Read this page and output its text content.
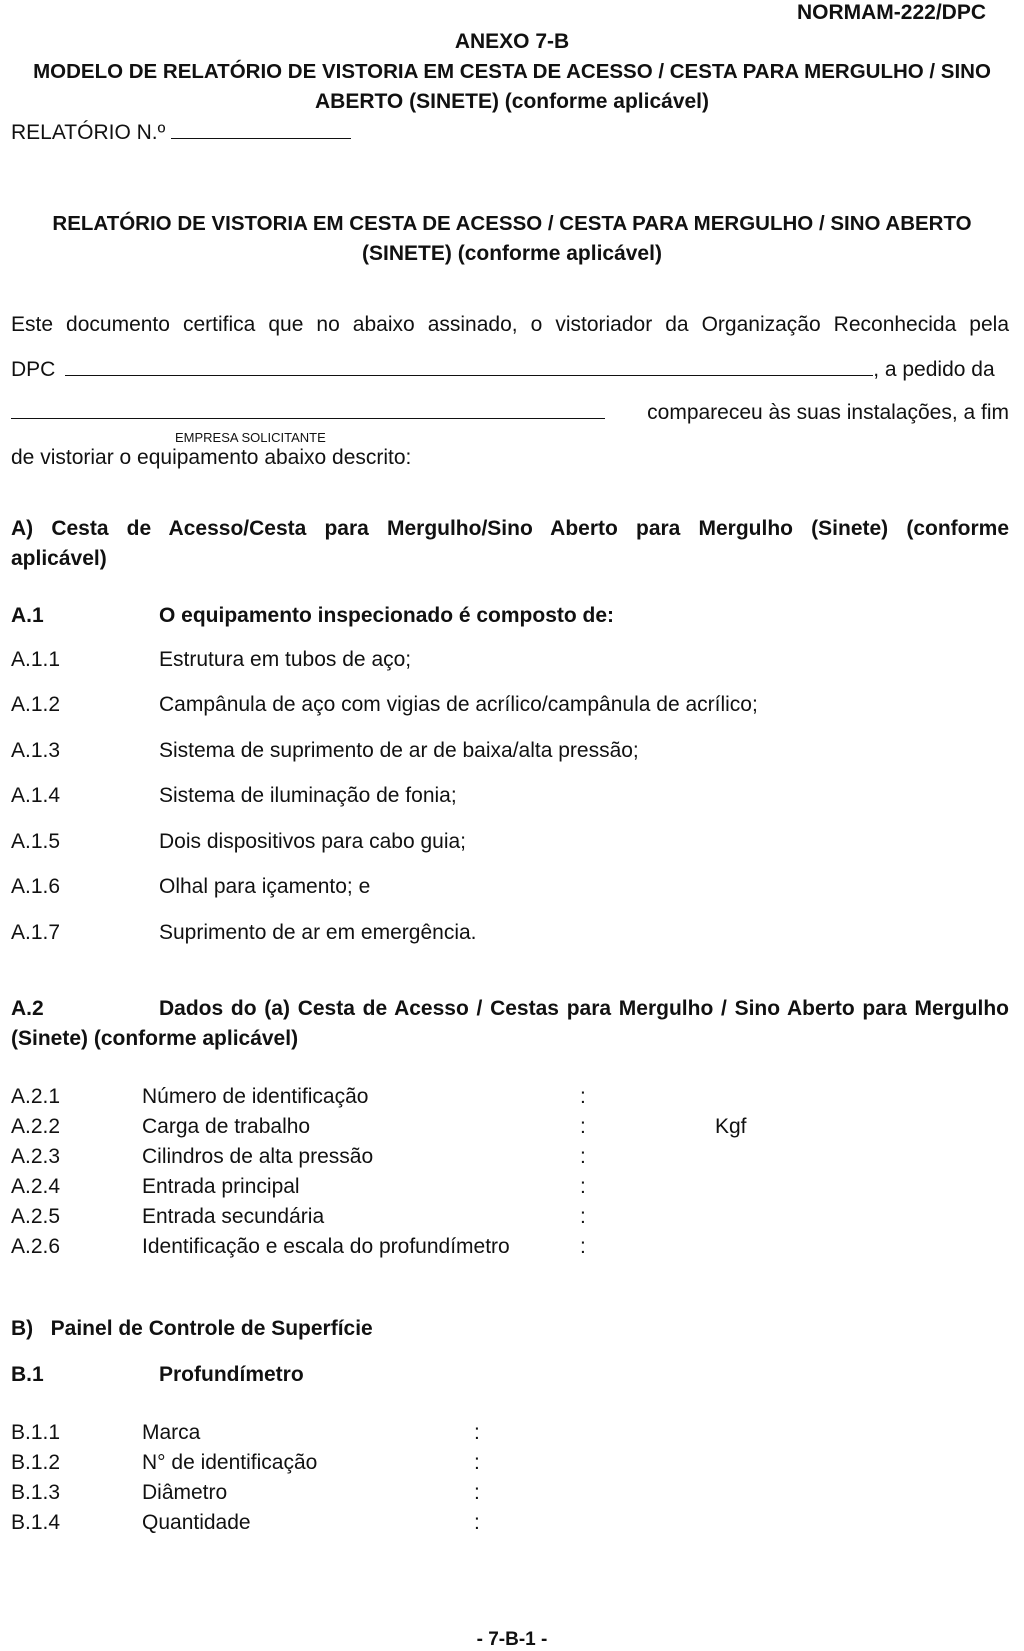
NORMAM-222/DPC
ANEXO 7-B
MODELO DE RELATÓRIO DE VISTORIA EM CESTA DE ACESSO / CESTA PARA MERGULHO / SINO
ABERTO (SINETE) (conforme aplicável)
RELATÓRIO N.º
RELATÓRIO DE VISTORIA EM CESTA DE ACESSO / CESTA PARA MERGULHO / SINO ABERTO
(SINETE) (conforme aplicável)
Este documento certifica que no abaixo assinado, o vistoriador da Organização Reconhecida pela
DPC	, a pedido da
compareceu às suas instalações, a fim
EMPRESA SOLICITANTE
de vistoriar o equipamento abaixo descrito:
A) Cesta de Acesso/Cesta para Mergulho/Sino Aberto para Mergulho (Sinete) (conforme
aplicável)
A.1	O equipamento inspecionado é composto de:
A.1.1	Estrutura em tubos de aço;
A.1.2	Campânula de aço com vigias de acrílico/campânula de acrílico;
A.1.3	Sistema de suprimento de ar de baixa/alta pressão;
A.1.4	Sistema de iluminação de fonia;
A.1.5	Dois dispositivos para cabo guia;
A.1.6	Olhal para içamento; e
A.1.7	Suprimento de ar em emergência.
A.2	Dados do (a) Cesta de Acesso / Cestas para Mergulho / Sino Aberto para Mergulho
(Sinete) (conforme aplicável)
A.2.1	Número de identificação	:
A.2.2	Carga de trabalho	:	Kgf
A.2.3	Cilindros de alta pressão	:
A.2.4	Entrada principal	:
A.2.5	Entrada secundária	:
A.2.6	Identificação e escala do profundímetro	:
B)   Painel de Controle de Superfície
B.1	Profundímetro
B.1.1	Marca	:
B.1.2	N° de identificação	:
B.1.3	Diâmetro	:
B.1.4	Quantidade	:
- 7-B-1 -
